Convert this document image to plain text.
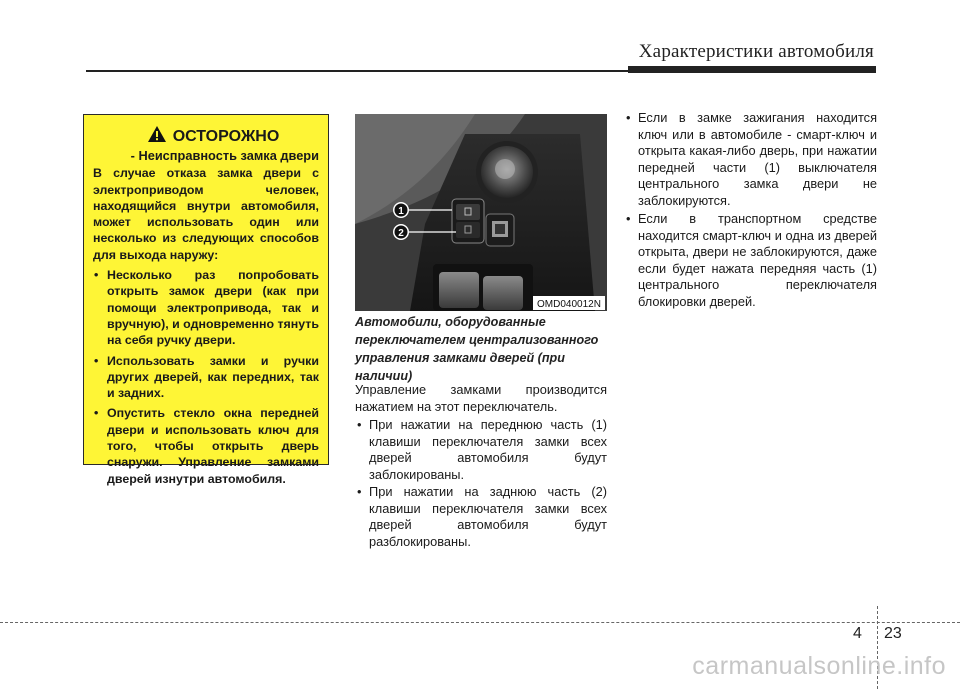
Характеристики автомобиля
ОСТОРОЖНО
- Неисправность замка двери
В случае отказа замка двери с электроприводом человек, находящийся внутри автомобиля, может использовать один или несколько из следующих способов для выхода наружу:
• Несколько раз попробовать открыть замок двери (как при помощи электропривода, так и вручную), и одновременно тянуть на себя ручку двери.
• Использовать замки и ручки других дверей, как передних, так и задних.
• Опустить стекло окна передней двери и использовать ключ для того, чтобы открыть дверь снаружи. Управление замками дверей изнутри автомобиля.
1
2
OMD040012N
Автомобили, оборудованные переключателем централизованного управления замками дверей (при наличии)

Управление замками производится нажатием на этот переключатель.

• При нажатии на переднюю часть (1) клавиши переключателя замки всех дверей автомобиля будут заблокированы.
• При нажатии на заднюю часть (2) клавиши переключателя замки всех дверей автомобиля будут разблокированы.
• Если в замке зажигания находится ключ или в автомобиле - смарт-ключ и открыта какая-либо дверь, при нажатии передней части (1) выключателя центрального замка двери не заблокируются.
• Если в транспортном средстве находится смарт-ключ и одна из дверей открыта, двери не заблокируются, даже если будет нажата передняя часть (1) центрального переключателя блокировки дверей.
4 23
carmanualsonline.info
